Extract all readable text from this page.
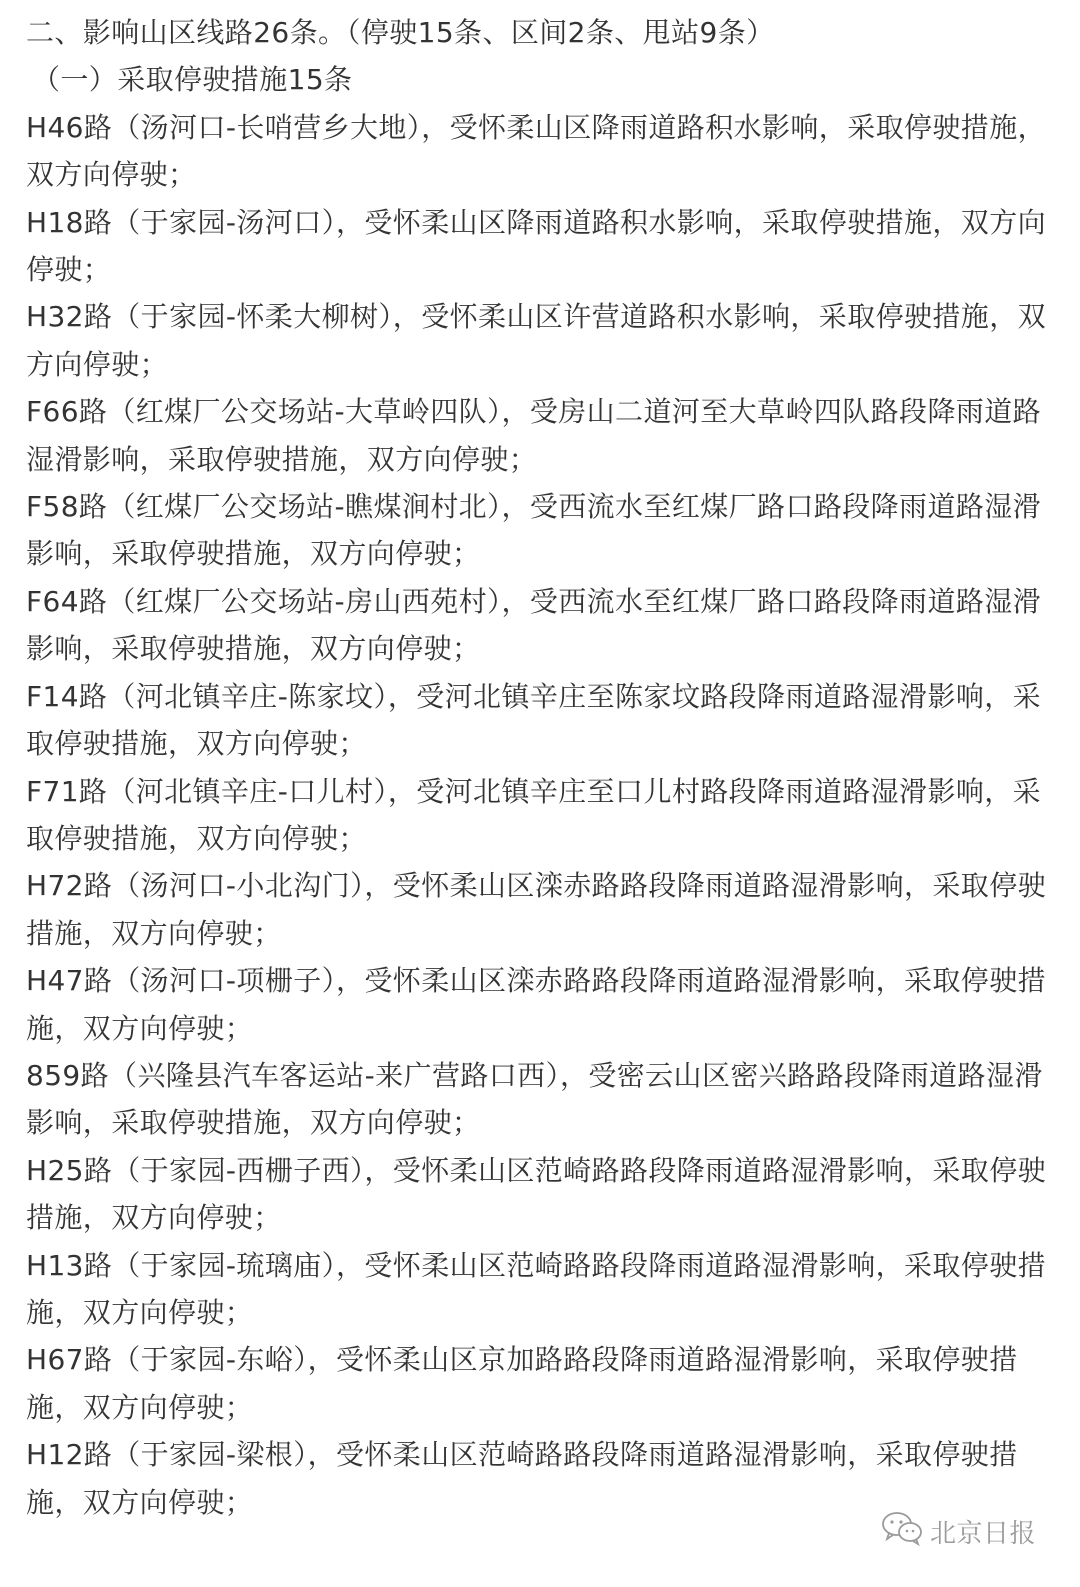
二、影响山区线路26条。（停驶15条、区间2条、甩站9条）

（一）采取停驶措施15条

H46路（汤河口-长哨营乡大地），受怀柔山区降雨道路积水影响，采取停驶措施，双方向停驶；

H18路（于家园-汤河口），受怀柔山区降雨道路积水影响，采取停驶措施，双方向停驶；

H32路（于家园-怀柔大柳树），受怀柔山区许营道路积水影响，采取停驶措施，双方向停驶；

F66路（红煤厂公交场站-大草岭四队），受房山二道河至大草岭四队路段降雨道路湿滑影响，采取停驶措施，双方向停驶；

F58路（红煤厂公交场站-瞧煤涧村北），受西流水至红煤厂路口路段降雨道路湿滑影响，采取停驶措施，双方向停驶；

F64路（红煤厂公交场站-房山西苑村），受西流水至红煤厂路口路段降雨道路湿滑影响，采取停驶措施，双方向停驶；

F14路（河北镇辛庄-陈家坟），受河北镇辛庄至陈家坟路段降雨道路湿滑影响，采取停驶措施，双方向停驶；

F71路（河北镇辛庄-口儿村），受河北镇辛庄至口儿村路段降雨道路湿滑影响，采取停驶措施，双方向停驶；

H72路（汤河口-小北沟门），受怀柔山区滦赤路路段降雨道路湿滑影响，采取停驶措施，双方向停驶；

H47路（汤河口-项栅子），受怀柔山区滦赤路路段降雨道路湿滑影响，采取停驶措施，双方向停驶；

859路（兴隆县汽车客运站-来广营路口西），受密云山区密兴路路段降雨道路湿滑影响，采取停驶措施，双方向停驶；

H25路（于家园-西栅子西），受怀柔山区范崎路路段降雨道路湿滑影响，采取停驶措施，双方向停驶；

H13路（于家园-琉璃庙），受怀柔山区范崎路路段降雨道路湿滑影响，采取停驶措施，双方向停驶；

H67路（于家园-东峪），受怀柔山区京加路路段降雨道路湿滑影响，采取停驶措施，双方向停驶；

H12路（于家园-梁根），受怀柔山区范崎路路段降雨道路湿滑影响，采取停驶措施，双方向停驶；

北京日报
